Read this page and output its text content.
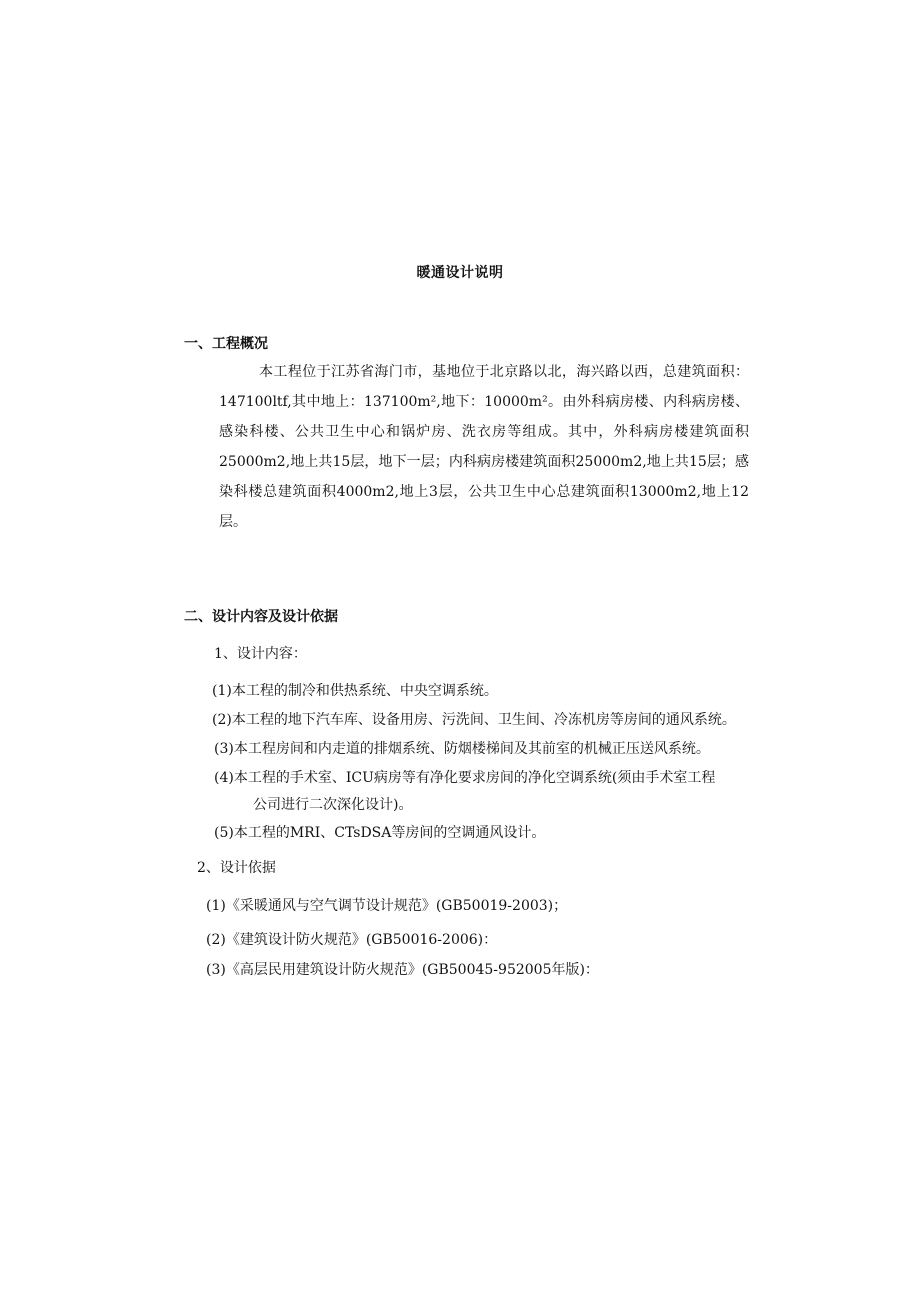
暖通设计说明
一、工程概况

本工程位于江苏省海门市，基地位于北京路以北，海兴路以西，总建筑面积：147100ltf,其中地上：137100m²,地下：10000m²。由外科病房楼、内科病房楼、感染科楼、公共卫生中心和锅炉房、洗衣房等组成。其中，外科病房楼建筑面积25000m2,地上共15层，地下一层；内科病房楼建筑面积25000m2,地上共15层；感染科楼总建筑面积4000m2,地上3层，公共卫生中心总建筑面积13000m2,地上12层。

二、设计内容及设计依据
1、设计内容：
(1)本工程的制冷和供热系统、中央空调系统。
(2)本工程的地下汽车库、设备用房、污洗间、卫生间、冷冻机房等房间的通风系统。
(3)本工程房间和内走道的排烟系统、防烟楼梯间及其前室的机械正压送风系统。
(4)本工程的手术室、ICU病房等有净化要求房间的净化空调系统(须由手术室工程
公司进行二次深化设计)。
(5)本工程的MRI、CTsDSA等房间的空调通风设计。
2、设计依据
(1)《采暖通风与空气调节设计规范》(GB50019-2003)；
(2)《建筑设计防火规范》(GB50016-2006)：
(3)《高层民用建筑设计防火规范》(GB50045-952005年版)：
